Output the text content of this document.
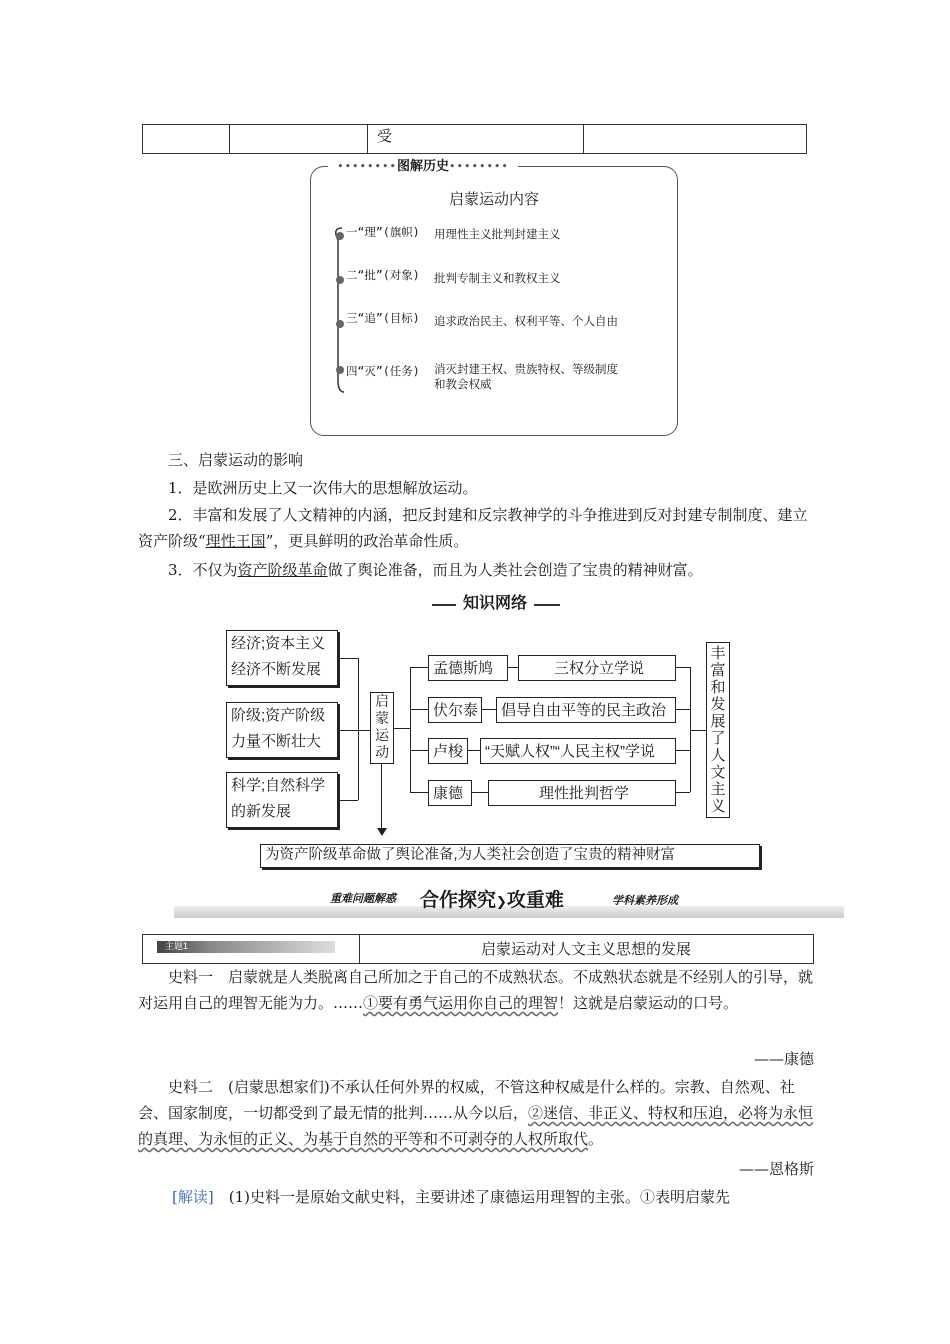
受
••••••••图解历史••••••••
启蒙运动内容
一“理”(旗帜) 用理性主义批判封建主义
二“批”(对象) 批判专制主义和教权主义
三“追”(目标) 追求政治民主、权利平等、个人自由
四“灭”(任务) 消灭封建王权、贵族特权、等级制度
和教会权威
三、启蒙运动的影响
1．是欧洲历史上又一次伟大的思想解放运动。
2．丰富和发展了人文精神的内涵，把反封建和反宗教神学的斗争推进到反对封建专制制度、建立资产阶级“理性王国”，更具鲜明的政治革命性质。
3．不仅为资产阶级革命做了舆论准备，而且为人类社会创造了宝贵的精神财富。
知识网络
经济;资本主义
经济不断发展
阶级;资产阶级
力量不断壮大
科学;自然科学
的新发展
启
蒙
运
动
孟德斯鸠
伏尔泰
卢梭
康德
三权分立学说
倡导自由平等的民主政治
“天赋人权”“人民主权”学说
理性批判哲学
丰
富
和
发
展
了
人
文
主
义
为资产阶级革命做了舆论准备,为人类社会创造了宝贵的精神财富
重难问题解惑 合作探究❯攻重难	学科素养形成
主题1	启蒙运动对人文主义思想的发展
史料一　启蒙就是人类脱离自己所加之于自己的不成熟状态。不成熟状态就是不经别人的引导，就对运用自己的理智无能为力。……①要有勇气运用你自己的理智！这就是启蒙运动的口号。
——康德
史料二　(启蒙思想家们)不承认任何外界的权威，不管这种权威是什么样的。宗教、自然观、社会、国家制度，一切都受到了最无情的批判……从今以后，②迷信、非正义、特权和压迫，必将为永恒的真理、为永恒的正义、为基于自然的平等和不可剥夺的人权所取代。
——恩格斯
[解读]　(1)史料一是原始文献史料，主要讲述了康德运用理智的主张。①表明启蒙先
